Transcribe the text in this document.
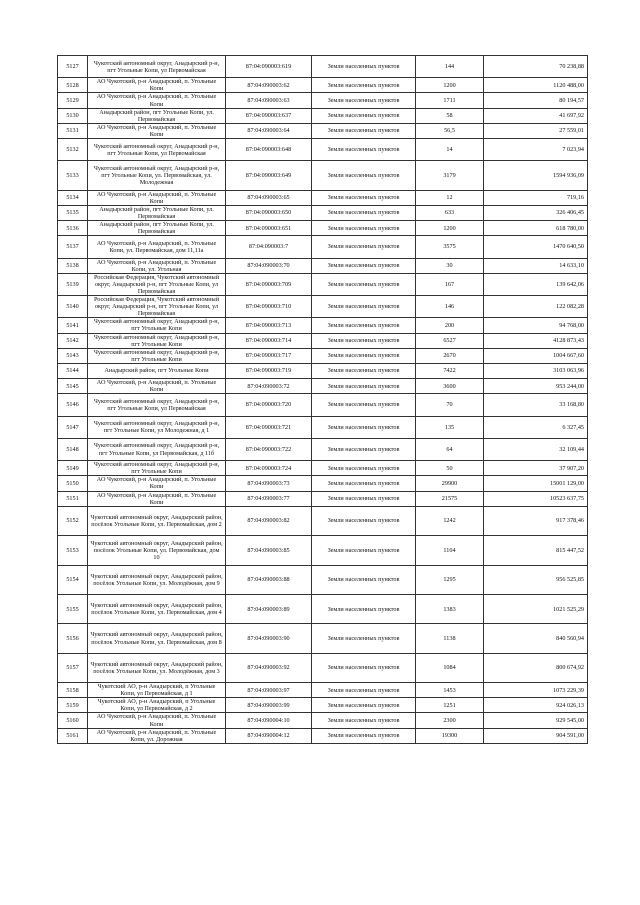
5127	Чукотский автономный округ, Анадырский р-н, пгт Угольные Копи, ул Первомайская	87:04:090003:619	Земли населенных пунктов	144	70 238,88
5128	АО Чукотский, р-н Анадырский, п. Угольные Копи	87:04:090003:62	Земли населенных пунктов	1200	1120 488,00
5129	АО Чукотский, р-н Анадырский, п. Угольные Копи	87:04:090003:63	Земли населенных пунктов	1711	80 194,57
5130	Анадырский район, пгт Угольные Копи, ул. Первомайская	87:04:090003:637	Земли населенных пунктов	58	41 697,92
5131	АО Чукотский, р-н Анадырский, п. Угольные Копи	87:04:090003:64	Земли населенных пунктов	56,5	27 559,01
5132	Чукотский автономный округ, Анадырский р-н, пгт Угольные Копи, ул Первомайская	87:04:090003:648	Земли населенных пунктов	14	7 023,94
5133	Чукотский автономный округ, Анадырский р-н, пгт Угольные Копи, ул. Первомайская, ул. Молодежная	87:04:090003:649	Земли населенных пунктов	3179	1594 936,09
5134	АО Чукотский, р-н Анадырский, п. Угольные Копи	87:04:090003:65	Земли населенных пунктов	12	719,16
5135	Анадырский район, пгт Угольные Копи, ул. Первомайская	87:04:090003:650	Земли населенных пунктов	633	326 406,45
5136	Анадырский район, пгт Угольные Копи, ул. Первомайская	87:04:090003:651	Земли населенных пунктов	1200	618 780,00
5137	АО Чукотский, р-н Анадырский, п. Угольные Копи, ул. Первомайская, дом 11,11а	87:04:090003:7	Земли населенных пунктов	3575	1470 640,50
5138	АО Чукотский, р-н Анадырский, п. Угольные Копи, ул. Угольная	87:04:090003:70	Земли населенных пунктов	30	14 633,10
5139	Российская Федерация, Чукотский автономный округ, Анадырский р-н, пгт Угольные Копи, ул Первомайская	87:04:090003:709	Земли населенных пунктов	167	139 642,06
5140	Российская Федерация, Чукотский автономный округ, Анадырский р-н, пгт Угольные Копи, ул Первомайская	87:04:090003:710	Земли населенных пунктов	146	122 082,28
5141	Чукотский автономный округ, Анадырский р-н, пгт Угольные Копи	87:04:090003:713	Земли населенных пунктов	200	94 768,00
5142	Чукотский автономный округ, Анадырский р-н, пгт Угольные Копи	87:04:090003:714	Земли населенных пунктов	6527	4128 873,43
5143	Чукотский автономный округ, Анадырский р-н, пгт Угольные Копи	87:04:090003:717	Земли населенных пунктов	2670	1004 667,60
5144	Анадырский район, пгт Угольные Копи	87:04:090003:719	Земли населенных пунктов	7422	3103 063,96
5145	АО Чукотский, р-н Анадырский, п. Угольные Копи	87:04:090003:72	Земли населенных пунктов	3600	953 244,00
5146	Чукотский автономный округ, Анадырский р-н, пгт Угольные Копи, ул Первомайская	87:04:090003:720	Земли населенных пунктов	70	33 168,80
5147	Чукотский автономный округ, Анадырский р-н, пгт Угольные Копи, ул Молодежная, д 1	87:04:090003:721	Земли населенных пунктов	135	6 327,45
5148	Чукотский автономный округ, Анадырский р-н, пгт Угольные Копи, ул Первомайская, д 11б	87:04:090003:722	Земли населенных пунктов	64	32 109,44
5149	Чукотский автономный округ, Анадырский р-н, пгт Угольные Копи	87:04:090003:724	Земли населенных пунктов	50	37 907,20
5150	АО Чукотский, р-н Анадырский, п. Угольные Копи	87:04:090003:73	Земли населенных пунктов	29900	15001 129,00
5151	АО Чукотский, р-н Анадырский, п. Угольные Копи	87:04:090003:77	Земли населенных пунктов	21575	10523 637,75
5152	Чукотский автономный округ, Анадырский район, посёлок Угольные Копи, ул. Первомайская, дом 2	87:04:090003:82	Земли населенных пунктов	1242	917 378,46
5153	Чукотский автономный округ, Анадырский район, посёлок Угольные Копи, ул. Первомайская, дом 10	87:04:090003:85	Земли населенных пунктов	1104	815 447,52
5154	Чукотский автономный округ, Анадырский район, посёлок Угольные Копи, ул. Молодёжная, дом 9	87:04:090003:88	Земли населенных пунктов	1295	956 525,85
5155	Чукотский автономный округ, Анадырский район, посёлок Угольные Копи, ул. Первомайская, дом 4	87:04:090003:89	Земли населенных пунктов	1383	1021 525,29
5156	Чукотский автономный округ, Анадырский район, посёлок Угольные Копи, ул. Первомайская, дом 8	87:04:090003:90	Земли населенных пунктов	1138	840 560,94
5157	Чукотский автономный округ, Анадырский район, посёлок Угольные Копи, ул. Молодёжная, дом 3	87:04:090003:92	Земли населенных пунктов	1084	800 674,92
5158	Чукотский АО, р-н Анадырский, п Угольные Копи, ул Первомайская, д 1	87:04:090003:97	Земли населенных пунктов	1453	1073 229,39
5159	Чукотский АО, р-н Анадырский, п Угольные Копи, ул Первомайская, д 2	87:04:090003:99	Земли населенных пунктов	1251	924 026,13
5160	АО Чукотский, р-н Анадырский, п. Угольные Копи	87:04:090004:10	Земли населенных пунктов	2300	929 545,00
5161	АО Чукотский, р-н Анадырский, п. Угольные Копи, ул. Дорожная	87:04:090004:12	Земли населенных пунктов	19300	904 591,00
